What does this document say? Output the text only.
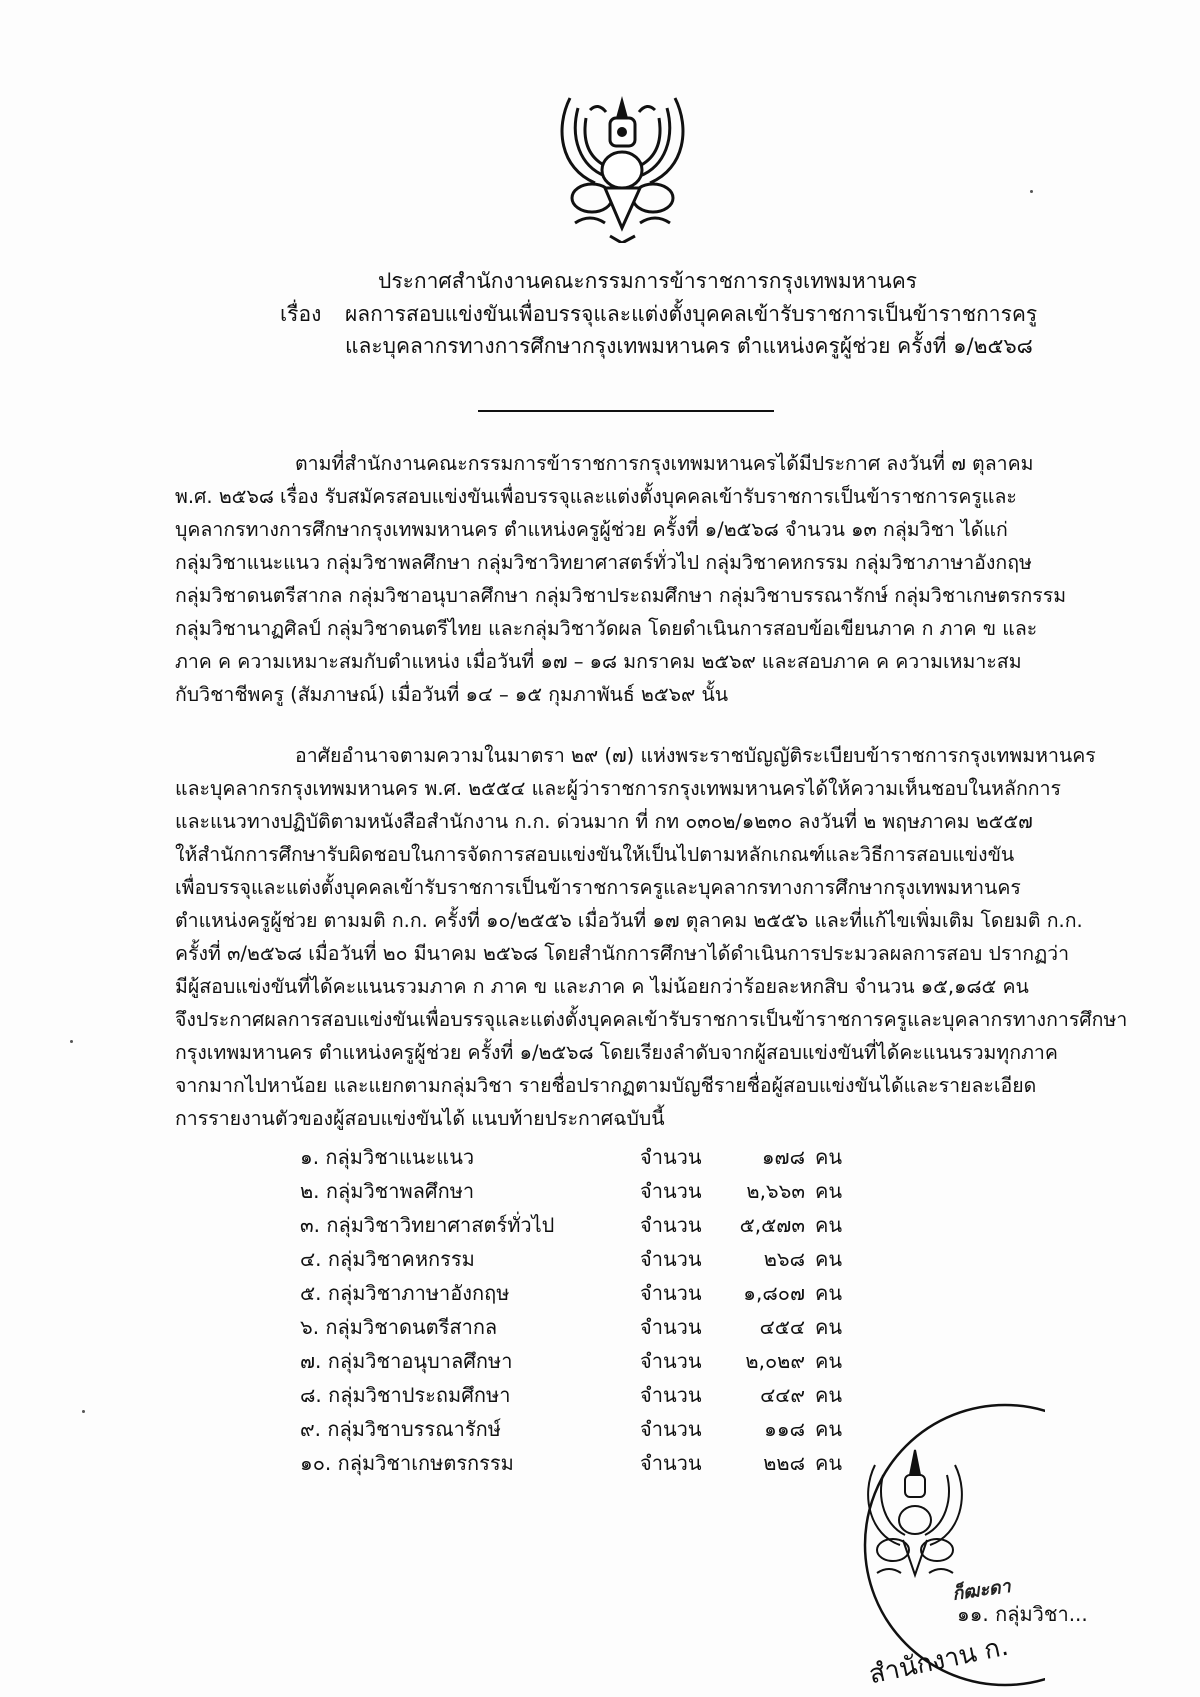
ประกาศสำนักงานคณะกรรมการข้าราชการกรุงเทพมหานคร
เรื่อง ผลการสอบแข่งขันเพื่อบรรจุและแต่งตั้งบุคคลเข้ารับราชการเป็นข้าราชการครู
และบุคลากรทางการศึกษากรุงเทพมหานคร ตำแหน่งครูผู้ช่วย ครั้งที่ ๑/๒๕๖๘
ตามที่สำนักงานคณะกรรมการข้าราชการกรุงเทพมหานครได้มีประกาศ ลงวันที่ ๗ ตุลาคม
พ.ศ. ๒๕๖๘ เรื่อง รับสมัครสอบแข่งขันเพื่อบรรจุและแต่งตั้งบุคคลเข้ารับราชการเป็นข้าราชการครูและ
บุคลากรทางการศึกษากรุงเทพมหานคร ตำแหน่งครูผู้ช่วย ครั้งที่ ๑/๒๕๖๘ จำนวน ๑๓ กลุ่มวิชา ได้แก่
กลุ่มวิชาแนะแนว กลุ่มวิชาพลศึกษา กลุ่มวิชาวิทยาศาสตร์ทั่วไป กลุ่มวิชาคหกรรม กลุ่มวิชาภาษาอังกฤษ
กลุ่มวิชาดนตรีสากล กลุ่มวิชาอนุบาลศึกษา กลุ่มวิชาประถมศึกษา กลุ่มวิชาบรรณารักษ์ กลุ่มวิชาเกษตรกรรม
กลุ่มวิชานาฏศิลป์ กลุ่มวิชาดนตรีไทย และกลุ่มวิชาวัดผล โดยดำเนินการสอบข้อเขียนภาค ก ภาค ข และ
ภาค ค ความเหมาะสมกับตำแหน่ง เมื่อวันที่ ๑๗ – ๑๘ มกราคม ๒๕๖๙ และสอบภาค ค ความเหมาะสม
กับวิชาชีพครู (สัมภาษณ์) เมื่อวันที่ ๑๔ – ๑๕ กุมภาพันธ์ ๒๕๖๙ นั้น
อาศัยอำนาจตามความในมาตรา ๒๙ (๗) แห่งพระราชบัญญัติระเบียบข้าราชการกรุงเทพมหานคร
และบุคลากรกรุงเทพมหานคร พ.ศ. ๒๕๕๔ และผู้ว่าราชการกรุงเทพมหานครได้ให้ความเห็นชอบในหลักการ
และแนวทางปฏิบัติตามหนังสือสำนักงาน ก.ก. ด่วนมาก ที่ กท ๐๓๐๒/๑๒๓๐ ลงวันที่ ๒ พฤษภาคม ๒๕๕๗
ให้สำนักการศึกษารับผิดชอบในการจัดการสอบแข่งขันให้เป็นไปตามหลักเกณฑ์และวิธีการสอบแข่งขัน
เพื่อบรรจุและแต่งตั้งบุคคลเข้ารับราชการเป็นข้าราชการครูและบุคลากรทางการศึกษากรุงเทพมหานคร
ตำแหน่งครูผู้ช่วย ตามมติ ก.ก. ครั้งที่ ๑๐/๒๕๕๖ เมื่อวันที่ ๑๗ ตุลาคม ๒๕๕๖ และที่แก้ไขเพิ่มเติม โดยมติ ก.ก.
ครั้งที่ ๓/๒๕๖๘ เมื่อวันที่ ๒๐ มีนาคม ๒๕๖๘ โดยสำนักการศึกษาได้ดำเนินการประมวลผลการสอบ ปรากฏว่า
มีผู้สอบแข่งขันที่ได้คะแนนรวมภาค ก ภาค ข และภาค ค ไม่น้อยกว่าร้อยละหกสิบ จำนวน ๑๕,๑๘๕ คน
จึงประกาศผลการสอบแข่งขันเพื่อบรรจุและแต่งตั้งบุคคลเข้ารับราชการเป็นข้าราชการครูและบุคลากรทางการศึกษา
กรุงเทพมหานคร ตำแหน่งครูผู้ช่วย ครั้งที่ ๑/๒๕๖๘ โดยเรียงลำดับจากผู้สอบแข่งขันที่ได้คะแนนรวมทุกภาค
จากมากไปหาน้อย และแยกตามกลุ่มวิชา รายชื่อปรากฏตามบัญชีรายชื่อผู้สอบแข่งขันได้และรายละเอียด
การรายงานตัวของผู้สอบแข่งขันได้ แนบท้ายประกาศฉบับนี้
๑. กลุ่มวิชาแนะแนว	จำนวน	๑๗๘ คน
๒. กลุ่มวิชาพลศึกษา	จำนวน	๒,๖๖๓ คน
๓. กลุ่มวิชาวิทยาศาสตร์ทั่วไป	จำนวน	๕,๕๗๓ คน
๔. กลุ่มวิชาคหกรรม	จำนวน	๒๖๘ คน
๕. กลุ่มวิชาภาษาอังกฤษ	จำนวน	๑,๘๐๗ คน
๖. กลุ่มวิชาดนตรีสากล	จำนวน	๔๕๔ คน
๗. กลุ่มวิชาอนุบาลศึกษา	จำนวน	๒,๐๒๙ คน
๘. กลุ่มวิชาประถมศึกษา	จำนวน	๔๔๙ คน
๙. กลุ่มวิชาบรรณารักษ์	จำนวน	๑๑๘ คน
๑๐. กลุ่มวิชาเกษตรกรรม	จำนวน	๒๒๘ คน
สำนักงาน ก.
ก็ฒะดา
๑๑. กลุ่มวิชา...
